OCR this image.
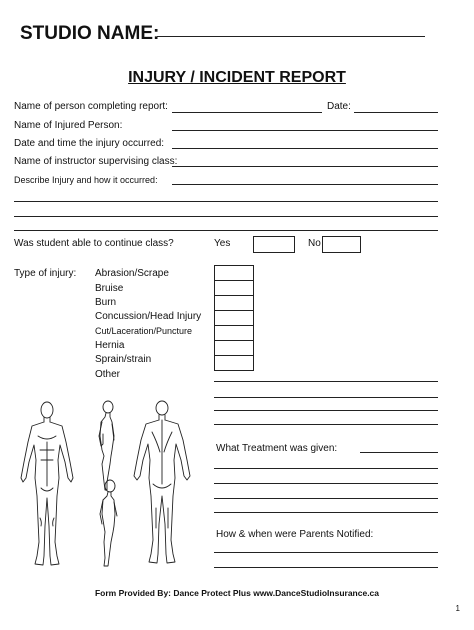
STUDIO NAME:
INJURY / INCIDENT REPORT
Name of person completing report:	Date:
Name of Injured Person:
Date and time the injury occurred:
Name of instructor supervising class:
Describe Injury and how it occurred:
Was student able to continue class?	Yes	No
Type of injury: Abrasion/Scrape
Bruise
Burn
Concussion/Head Injury
Cut/Laceration/Puncture
Hernia
Sprain/strain
Other
What Treatment was given:
How & when were Parents Notified:
Form Provided By: Dance Protect Plus www.DanceStudioInsurance.ca
1
